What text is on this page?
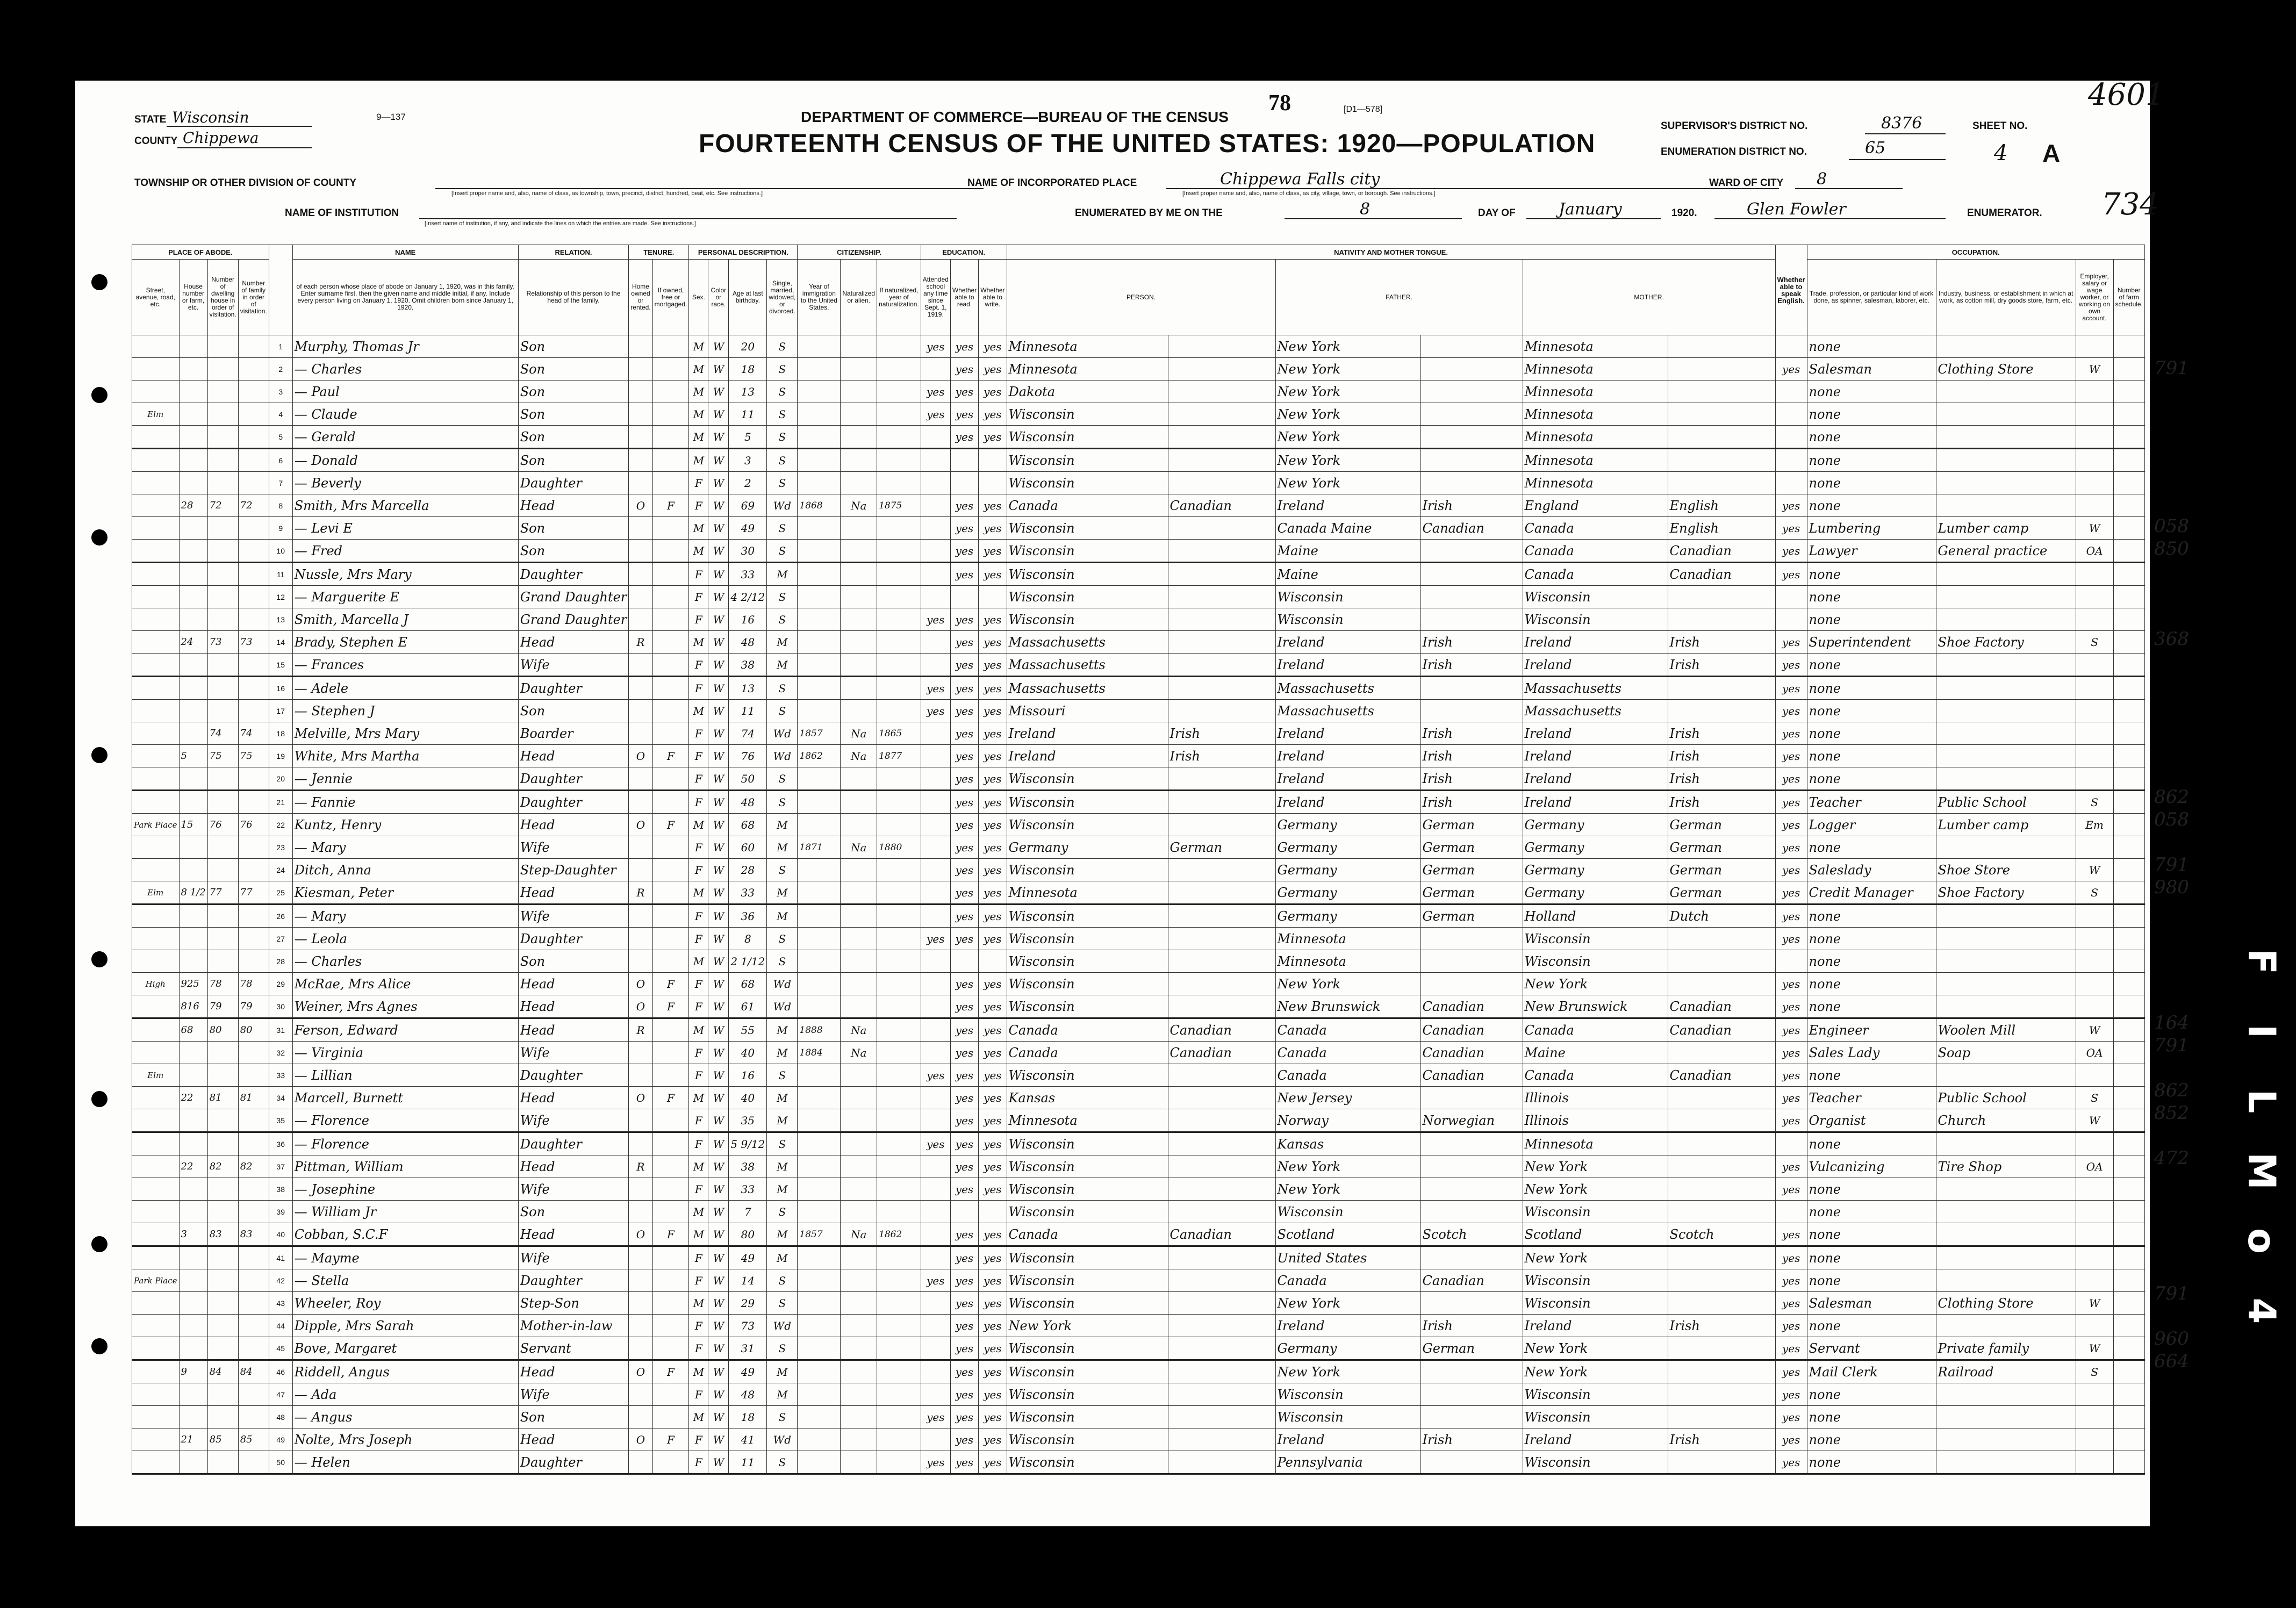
STATE Wisconsin
COUNTY Chippewa
9—137	DEPARTMENT OF COMMERCE—BUREAU OF THE CENSUS
FOURTEENTH CENSUS OF THE UNITED STATES: 1920—POPULATION
78	[D1—578]
SUPERVISOR'S DISTRICT NO.	8376
ENUMERATION DISTRICT NO.	65
SHEET NO.
4 A
4601
734
TOWNSHIP OR OTHER DIVISION OF COUNTY
[Insert proper name and, also, name of class, as township, town, precinct, district, hundred, beat, etc. See instructions.]
NAME OF INCORPORATED PLACE	Chippewa Falls city
[Insert proper name and, also, name of class, as city, village, town, or borough. See instructions.]
WARD OF CITY 8
NAME OF INSTITUTION
[Insert name of institution, if any, and indicate the lines on which the entries are made. See instructions.]
ENUMERATED BY ME ON THE	8	DAY OF	January	1920.	Glen Fowler	ENUMERATOR.
PLACE OF ABODE.					NAME	RELATION.	TENURE.		PERSONAL DESCRIPTION.				CITIZENSHIP.			EDUCATION.			NATIVITY AND MOTHER TONGUE.						Whether able to speak English.	OCCUPATION.			
Street, avenue, road, etc.	House number or farm, etc.	Number of dwelling house in order of visitation.	Number of family in order of visitation.		of each person whose place of abode on January 1, 1920, was in this family. Enter surname first, then the given name and middle initial, if any. Include every person living on January 1, 1920. Omit children born since January 1, 1920.	Relationship of this person to the head of the family.	Home owned or rented.	If owned, free or mortgaged.	Sex.	Color or race.	Age at last birthday.	Single, married, widowed, or divorced.	Year of immigration to the United States.	Naturalized or alien.	If naturalized, year of naturalization.	Attended school any time since Sept. 1, 1919.	Whether able to read.	Whether able to write.	PERSON.		FATHER.		MOTHER.			Trade, profession, or particular kind of work done, as spinner, salesman, laborer, etc.	Industry, business, or establishment in which at work, as cotton mill, dry goods store, farm, etc.	Employer, salary or wage worker, or working on own account.	Number of farm schedule.
				1	Murphy, Thomas Jr	Son			M	W	20	S				yes	yes	yes	Minnesota		New York		Minnesota			none			
				2	— Charles	Son			M	W	18	S					yes	yes	Minnesota		New York		Minnesota		yes	Salesman	Clothing Store	W	
				3	— Paul	Son			M	W	13	S				yes	yes	yes	Dakota		New York		Minnesota			none			
Elm				4	— Claude	Son			M	W	11	S				yes	yes	yes	Wisconsin		New York		Minnesota			none			
				5	— Gerald	Son			M	W	5	S					yes	yes	Wisconsin		New York		Minnesota			none			
				6	— Donald	Son			M	W	3	S							Wisconsin		New York		Minnesota			none			
				7	— Beverly	Daughter			F	W	2	S							Wisconsin		New York		Minnesota			none			
	28	72	72	8	Smith, Mrs Marcella	Head	O	F	F	W	69	Wd	1868	Na	1875		yes	yes	Canada	Canadian	Ireland	Irish	England	English	yes	none			
				9	— Levi E	Son			M	W	49	S					yes	yes	Wisconsin		Canada Maine	Canadian	Canada	English	yes	Lumbering	Lumber camp	W	
				10	— Fred	Son			M	W	30	S					yes	yes	Wisconsin		Maine		Canada	Canadian	yes	Lawyer	General practice	OA	
				11	Nussle, Mrs Mary	Daughter			F	W	33	M					yes	yes	Wisconsin		Maine		Canada	Canadian	yes	none			
				12	— Marguerite E	Grand Daughter			F	W	4 2/12	S							Wisconsin		Wisconsin		Wisconsin			none			
				13	Smith, Marcella J	Grand Daughter			F	W	16	S				yes	yes	yes	Wisconsin		Wisconsin		Wisconsin			none			
	24	73	73	14	Brady, Stephen E	Head	R		M	W	48	M					yes	yes	Massachusetts		Ireland	Irish	Ireland	Irish	yes	Superintendent	Shoe Factory	S	
				15	— Frances	Wife			F	W	38	M					yes	yes	Massachusetts		Ireland	Irish	Ireland	Irish	yes	none			
				16	— Adele	Daughter			F	W	13	S				yes	yes	yes	Massachusetts		Massachusetts		Massachusetts		yes	none			
				17	— Stephen J	Son			M	W	11	S				yes	yes	yes	Missouri		Massachusetts		Massachusetts		yes	none			
		74	74	18	Melville, Mrs Mary	Boarder			F	W	74	Wd	1857	Na	1865		yes	yes	Ireland	Irish	Ireland	Irish	Ireland	Irish	yes	none			
	5	75	75	19	White, Mrs Martha	Head	O	F	F	W	76	Wd	1862	Na	1877		yes	yes	Ireland	Irish	Ireland	Irish	Ireland	Irish	yes	none			
				20	— Jennie	Daughter			F	W	50	S					yes	yes	Wisconsin		Ireland	Irish	Ireland	Irish	yes	none			
				21	— Fannie	Daughter			F	W	48	S					yes	yes	Wisconsin		Ireland	Irish	Ireland	Irish	yes	Teacher	Public School	S	
Park Place	15	76	76	22	Kuntz, Henry	Head	O	F	M	W	68	M					yes	yes	Wisconsin		Germany	German	Germany	German	yes	Logger	Lumber camp	Em	
				23	— Mary	Wife			F	W	60	M	1871	Na	1880		yes	yes	Germany	German	Germany	German	Germany	German	yes	none			
				24	Ditch, Anna	Step-Daughter			F	W	28	S					yes	yes	Wisconsin		Germany	German	Germany	German	yes	Saleslady	Shoe Store	W	
Elm	8 1/2	77	77	25	Kiesman, Peter	Head	R		M	W	33	M					yes	yes	Minnesota		Germany	German	Germany	German	yes	Credit Manager	Shoe Factory	S	
				26	— Mary	Wife			F	W	36	M					yes	yes	Wisconsin		Germany	German	Holland	Dutch	yes	none			
				27	— Leola	Daughter			F	W	8	S				yes	yes	yes	Wisconsin		Minnesota		Wisconsin		yes	none			
				28	— Charles	Son			M	W	2 1/12	S							Wisconsin		Minnesota		Wisconsin			none			
High	925	78	78	29	McRae, Mrs Alice	Head	O	F	F	W	68	Wd					yes	yes	Wisconsin		New York		New York		yes	none			
	816	79	79	30	Weiner, Mrs Agnes	Head	O	F	F	W	61	Wd					yes	yes	Wisconsin		New Brunswick	Canadian	New Brunswick	Canadian	yes	none			
	68	80	80	31	Ferson, Edward	Head	R		M	W	55	M	1888	Na			yes	yes	Canada	Canadian	Canada	Canadian	Canada	Canadian	yes	Engineer	Woolen Mill	W	
				32	— Virginia	Wife			F	W	40	M	1884	Na			yes	yes	Canada	Canadian	Canada	Canadian	Maine		yes	Sales Lady	Soap	OA	
Elm				33	— Lillian	Daughter			F	W	16	S				yes	yes	yes	Wisconsin		Canada	Canadian	Canada	Canadian	yes	none			
	22	81	81	34	Marcell, Burnett	Head	O	F	M	W	40	M					yes	yes	Kansas		New Jersey		Illinois		yes	Teacher	Public School	S	
				35	— Florence	Wife			F	W	35	M					yes	yes	Minnesota		Norway	Norwegian	Illinois		yes	Organist	Church	W	
				36	— Florence	Daughter			F	W	5 9/12	S				yes	yes	yes	Wisconsin		Kansas		Minnesota			none			
	22	82	82	37	Pittman, William	Head	R		M	W	38	M					yes	yes	Wisconsin		New York		New York		yes	Vulcanizing	Tire Shop	OA	
				38	— Josephine	Wife			F	W	33	M					yes	yes	Wisconsin		New York		New York		yes	none			
				39	— William Jr	Son			M	W	7	S							Wisconsin		Wisconsin		Wisconsin			none			
	3	83	83	40	Cobban, S.C.F	Head	O	F	M	W	80	M	1857	Na	1862		yes	yes	Canada	Canadian	Scotland	Scotch	Scotland	Scotch	yes	none			
				41	— Mayme	Wife			F	W	49	M					yes	yes	Wisconsin		United States		New York		yes	none			
Park Place				42	— Stella	Daughter			F	W	14	S				yes	yes	yes	Wisconsin		Canada	Canadian	Wisconsin		yes	none			
				43	Wheeler, Roy	Step-Son			M	W	29	S					yes	yes	Wisconsin		New York		Wisconsin		yes	Salesman	Clothing Store	W	
				44	Dipple, Mrs Sarah	Mother-in-law			F	W	73	Wd					yes	yes	New York		Ireland	Irish	Ireland	Irish	yes	none			
				45	Bove, Margaret	Servant			F	W	31	S					yes	yes	Wisconsin		Germany	German	New York		yes	Servant	Private family	W	
	9	84	84	46	Riddell, Angus	Head	O	F	M	W	49	M					yes	yes	Wisconsin		New York		New York		yes	Mail Clerk	Railroad	S	
				47	— Ada	Wife			F	W	48	M					yes	yes	Wisconsin		Wisconsin		Wisconsin		yes	none			
				48	— Angus	Son			M	W	18	S				yes	yes	yes	Wisconsin		Wisconsin		Wisconsin		yes	none			
	21	85	85	49	Nolte, Mrs Joseph	Head	O	F	F	W	41	Wd					yes	yes	Wisconsin		Ireland	Irish	Ireland	Irish	yes	none			
				50	— Helen	Daughter			F	W	11	S				yes	yes	yes	Wisconsin		Pennsylvania		Wisconsin		yes	none			
791
058
850
368
862
058
791
980
164
791
862
852
472
791
960
664
F
I
L
M
o
4
